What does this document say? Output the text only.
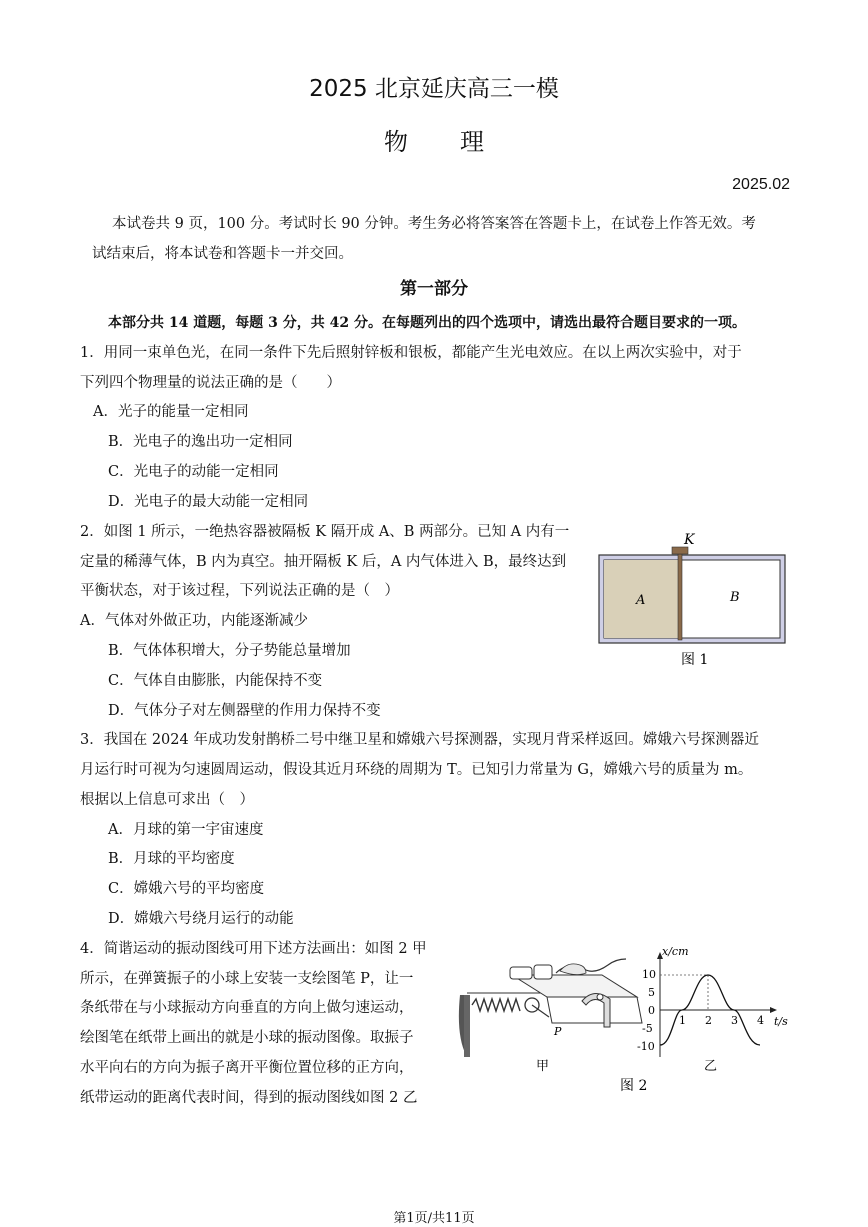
2025 北京延庆高三一模
物理
2025.02
本试卷共 9 页，100 分。考试时长 90 分钟。考生务必将答案答在答题卡上，在试卷上作答无效。考
试结束后，将本试卷和答题卡一并交回。
第一部分
本部分共 14 道题，每题 3 分，共 42 分。在每题列出的四个选项中，请选出最符合题目要求的一项。
1．用同一束单色光，在同一条件下先后照射锌板和银板，都能产生光电效应。在以上两次实验中，对于
下列四个物理量的说法正确的是（　　）
A．光子的能量一定相同
B．光电子的逸出功一定相同
C．光电子的动能一定相同
D．光电子的最大动能一定相同
2．如图 1 所示，一绝热容器被隔板 K 隔开成 A、B 两部分。已知 A 内有一
定量的稀薄气体，B 内为真空。抽开隔板 K 后，A 内气体进入 B，最终达到
平衡状态，对于该过程，下列说法正确的是（　）
A．气体对外做正功，内能逐渐减少
B．气体体积增大，分子势能总量增加
C．气体自由膨胀，内能保持不变
D．气体分子对左侧器壁的作用力保持不变
K
A	B
图 1
3．我国在 2024 年成功发射鹊桥二号中继卫星和嫦娥六号探测器，实现月背采样返回。嫦娥六号探测器近
月运行时可视为匀速圆周运动，假设其近月环绕的周期为 T。已知引力常量为 G，嫦娥六号的质量为 m。
根据以上信息可求出（　）
A．月球的第一宇宙速度
B．月球的平均密度
C．嫦娥六号的平均密度
D．嫦娥六号绕月运行的动能
4．简谐运动的振动图线可用下述方法画出：如图 2 甲
所示，在弹簧振子的小球上安装一支绘图笔 P，让一
条纸带在与小球振动方向垂直的方向上做匀速运动，
绘图笔在纸带上画出的就是小球的振动图像。取振子
水平向右的方向为振子离开平衡位置位移的正方向，
纸带运动的距离代表时间，得到的振动图线如图 2 乙
P
甲
x/cm
t/s
10
5
0
-5
-10
1 2 3 4
乙
图 2
第1页/共11页
